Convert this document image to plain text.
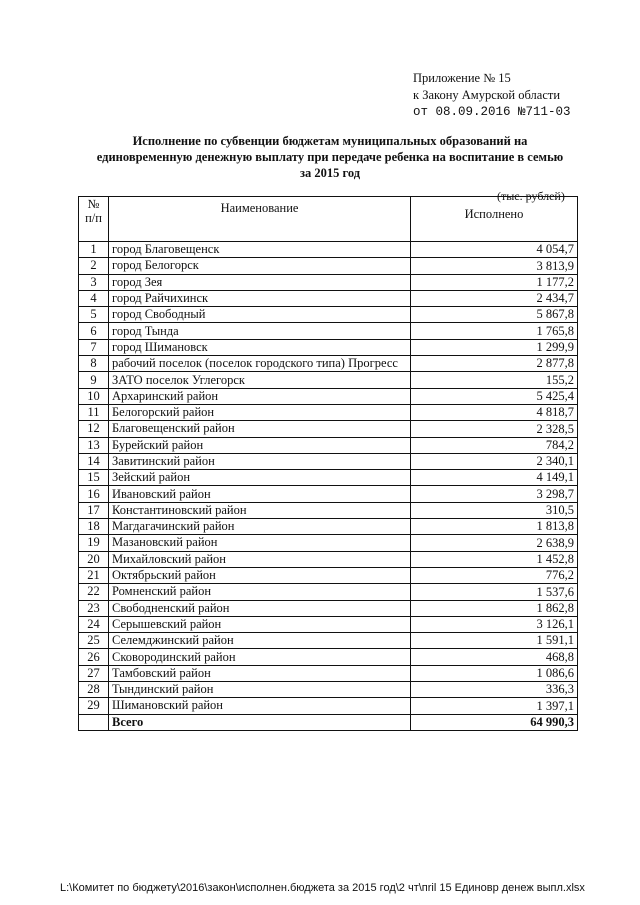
Приложение № 15
к Закону Амурской области
от 08.09.2016 №711-03
Исполнение по субвенции бюджетам муниципальных образований на
единовременную денежную выплату при передаче ребенка на воспитание в семью
за 2015 год
(тыс. рублей)
№
п/п	Наименование	Исполнено
1	город Благовещенск	4 054,7
2	город Белогорск	3 813,9
3	город Зея	1 177,2
4	город Райчихинск	2 434,7
5	город Свободный	5 867,8
6	город Тында	1 765,8
7	город Шимановск	1 299,9
8	рабочий поселок (поселок городского типа) Прогресс	2 877,8
9	ЗАТО поселок Углегорск	155,2
10	Архаринский район	5 425,4
11	Белогорский район	4 818,7
12	Благовещенский район	2 328,5
13	Бурейский район	784,2
14	Завитинский район	2 340,1
15	Зейский район	4 149,1
16	Ивановский район	3 298,7
17	Константиновский район	310,5
18	Магдагачинский район	1 813,8
19	Мазановский район	2 638,9
20	Михайловский район	1 452,8
21	Октябрьский район	776,2
22	Ромненский район	1 537,6
23	Свободненский район	1 862,8
24	Серышевский район	3 126,1
25	Селемджинский район	1 591,1
26	Сковородинский район	468,8
27	Тамбовский район	1 086,6
28	Тындинский район	336,3
29	Шимановский район	1 397,1
	Всего	64 990,3
L:\Комитет по бюджету\2016\закон\исполнен.бюджета за 2015 год\2 чт\пril 15 Единовр денеж выпл.xlsx
